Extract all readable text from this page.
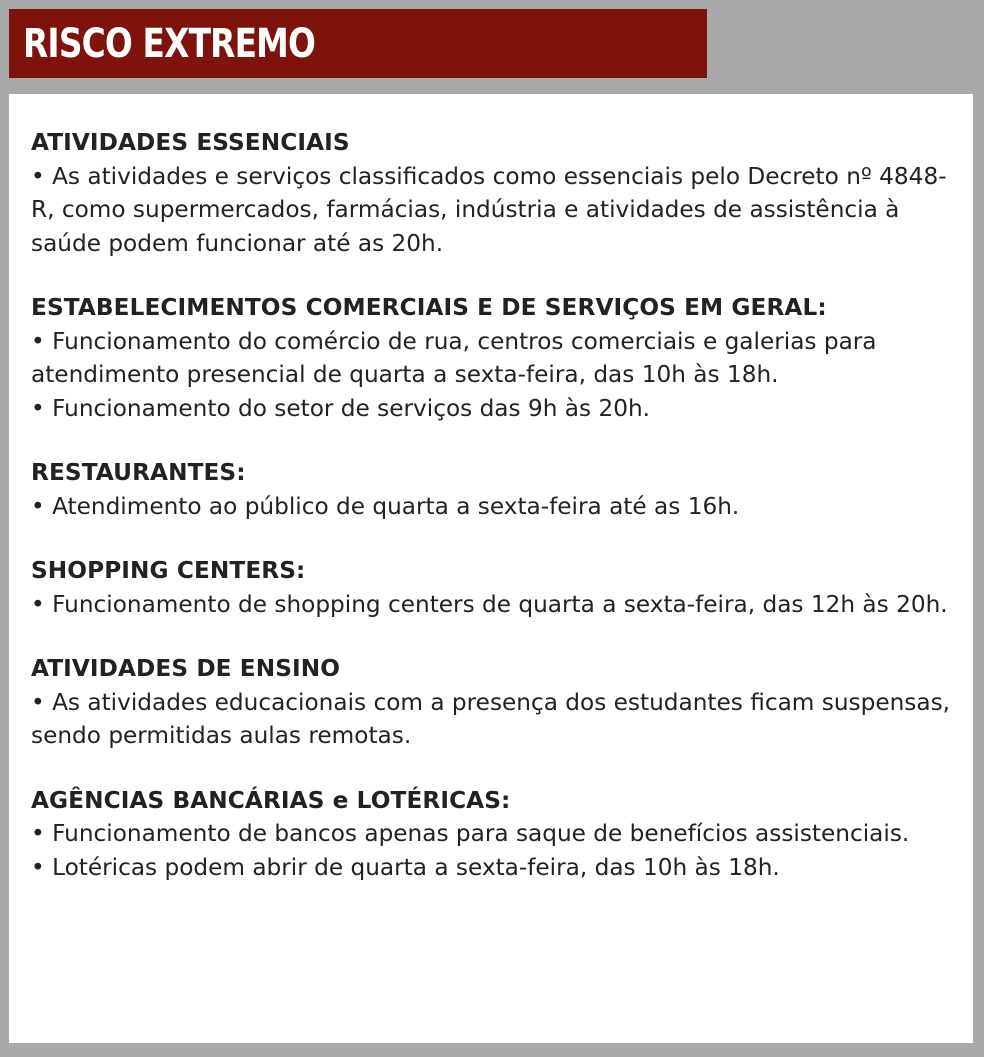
RISCO EXTREMO
ATIVIDADES ESSENCIAIS
• As atividades e serviços classificados como essenciais pelo Decreto nº 4848-R, como supermercados, farmácias, indústria e atividades de assistência à saúde podem funcionar até as 20h.
ESTABELECIMENTOS COMERCIAIS E DE SERVIÇOS EM GERAL:
• Funcionamento do comércio de rua, centros comerciais e galerias para atendimento presencial de quarta a sexta-feira, das 10h às 18h.
• Funcionamento do setor de serviços das 9h às 20h.
RESTAURANTES:
• Atendimento ao público de quarta a sexta-feira até as 16h.
SHOPPING CENTERS:
• Funcionamento de shopping centers de quarta a sexta-feira, das 12h às 20h.
ATIVIDADES DE ENSINO
• As atividades educacionais com a presença dos estudantes ficam suspensas, sendo permitidas aulas remotas.
AGÊNCIAS BANCÁRIAS e LOTÉRICAS:
• Funcionamento de bancos apenas para saque de benefícios assistenciais.
• Lotéricas podem abrir de quarta a sexta-feira, das 10h às 18h.
